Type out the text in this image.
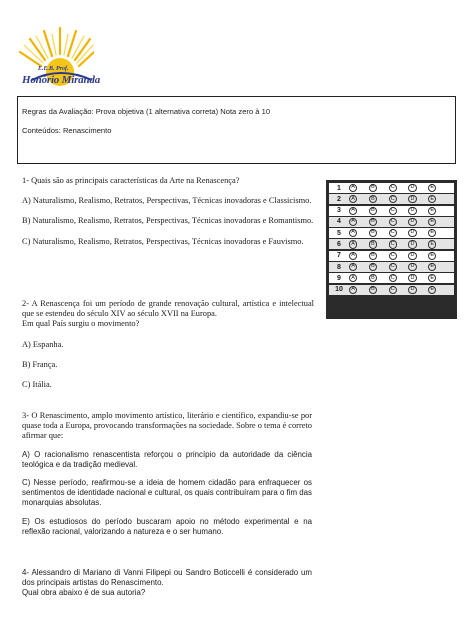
E.E.B. Prof.
Honório Miranda

Regras da Avaliação: Prova objetiva (1 alternativa correta) Nota zero à 10

Conteúdos: Renascimento

1	A	B	C	D	E
2	A	B	C	D	E
3	A	B	C	D	E
4	A	B	C	D	E
5	A	B	C	D	E
6	A	B	C	D	E
7	A	B	C	D	E
8	A	B	C	D	E
9	A	B	C	D	E
10	A	B	C	D	E

1- Quais são as principais características da Arte na Renascença?

A) Naturalismo, Realismo, Retratos, Perspectivas, Técnicas inovadoras e Classicismo.

B) Naturalismo, Realismo, Retratos, Perspectivas, Técnicas inovadoras e Romantismo.

C) Naturalismo, Realismo, Retratos, Perspectivas, Técnicas inovadoras e Fauvismo.

2- A Renascença foi um período de grande renovação cultural, artística e intelectual que se estendeu do século XIV ao século XVII na Europa.

Em qual País surgiu o movimento?

A) Espanha.

B) França.

C) Itália.

3- O Renascimento, amplo movimento artístico, literário e científico, expandiu-se por quase toda a Europa, provocando transformações na sociedade. Sobre o tema é correto afirmar que:

A) O racionalismo renascentista reforçou o princípio da autoridade da ciência teológica e da tradição medieval.

C) Nesse período, reafirmou-se a ideia de homem cidadão para enfraquecer os sentimentos de identidade nacional e cultural, os quais contribuíram para o fim das monarquias absolutas.

E) Os estudiosos do período buscaram apoio no método experimental e na reflexão racional, valorizando a natureza e o ser humano.

4- Alessandro di Mariano di Vanni Filipepi ou Sandro Boticcelli é considerado um dos principais artistas do Renascimento.

Qual obra abaixo é de sua autoria?
